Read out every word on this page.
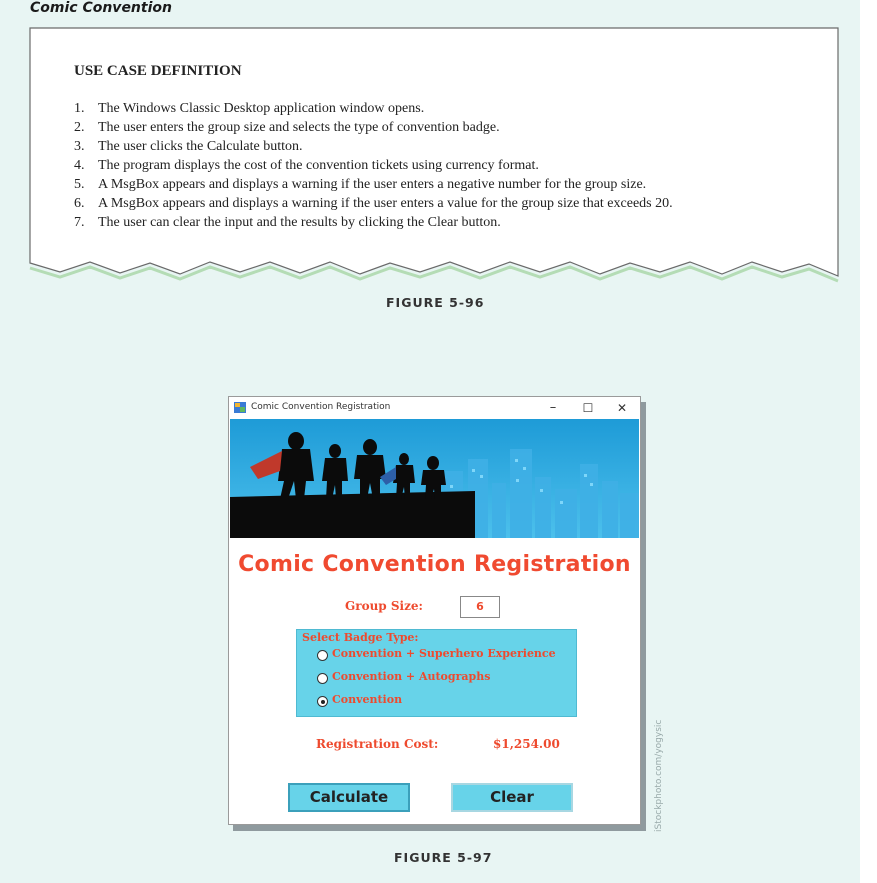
Comic Convention
USE CASE DEFINITION
1. The Windows Classic Desktop application window opens.
2. The user enters the group size and selects the type of convention badge.
3. The user clicks the Calculate button.
4. The program displays the cost of the convention tickets using currency format.
5. A MsgBox appears and displays a warning if the user enters a negative number for the group size.
6. A MsgBox appears and displays a warning if the user enters a value for the group size that exceeds 20.
7. The user can clear the input and the results by clicking the Clear button.
FIGURE 5-96
Comic Convention Registration	–	☐	✕
Comic Convention Registration
Group Size:	6
Select Badge Type:
Convention + Superhero Experience
Convention + Autographs
Convention
Registration Cost:	$1,254.00
Calculate	Clear	iStockphoto.com/yogysic
FIGURE 5-97
